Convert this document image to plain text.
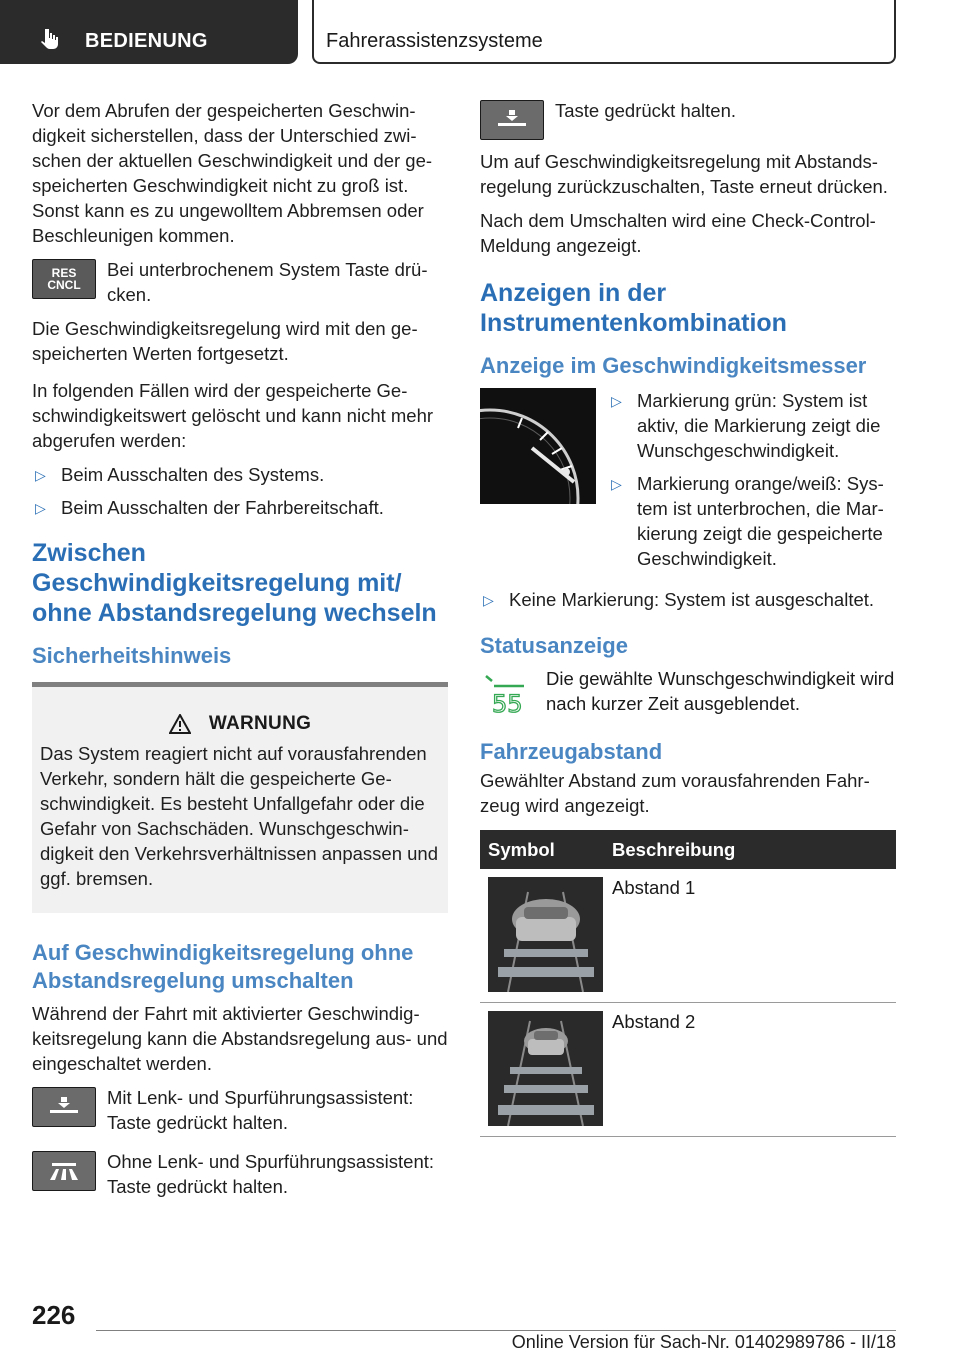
BEDIENUNG	Fahrerassistenzsysteme

Vor dem Abrufen der gespeicherten Geschwindigkeit sicherstellen, dass der Unterschied zwischen der aktuellen Geschwindigkeit und der gespeicherten Geschwindigkeit nicht zu groß ist. Sonst kann es zu ungewolltem Abbremsen oder Beschleunigen kommen.

RES
CNCL
Bei unterbrochenem System Taste drücken.

Die Geschwindigkeitsregelung wird mit den gespeicherten Werten fortgesetzt.

In folgenden Fällen wird der gespeicherte Geschwindigkeitswert gelöscht und kann nicht mehr abgerufen werden:

▷ Beim Ausschalten des Systems.
▷ Beim Ausschalten der Fahrbereitschaft.
Zwischen Geschwindigkeitsregelung mit/ ohne Abstandsregelung wechseln
Sicherheitshinweis
WARNUNG

Das System reagiert nicht auf vorausfahrenden Verkehr, sondern hält die gespeicherte Geschwindigkeit. Es besteht Unfallgefahr oder die Gefahr von Sachschäden. Wunschgeschwindigkeit den Verkehrsverhältnissen anpassen und ggf. bremsen.

Auf Geschwindigkeitsregelung ohne Abstandsregelung umschalten

Während der Fahrt mit aktivierter Geschwindigkeitsregelung kann die Abstandsregelung aus- und eingeschaltet werden.

Mit Lenk- und Spurführungsassistent: Taste gedrückt halten.
Ohne Lenk- und Spurführungsassistent: Taste gedrückt halten.
Taste gedrückt halten.

Um auf Geschwindigkeitsregelung mit Abstandsregelung zurückzuschalten, Taste erneut drücken.

Nach dem Umschalten wird eine Check-Control-Meldung angezeigt.

Anzeigen in der Instrumentenkombination
Anzeige im Geschwindigkeitsmesser
▷ Markierung grün: System ist aktiv, die Markierung zeigt die Wunschgeschwindigkeit.
▷ Markierung orange/weiß: System ist unterbrochen, die Markierung zeigt die gespeicherte Geschwindigkeit.
▷ Keine Markierung: System ist ausgeschaltet.
Statusanzeige
55
Die gewählte Wunschgeschwindigkeit wird nach kurzer Zeit ausgeblendet.
Fahrzeugabstand

Gewählter Abstand zum vorausfahrenden Fahrzeug wird angezeigt.

Symbol	Beschreibung

	Abstand 1

	Abstand 2
226
Online Version für Sach-Nr. 01402989786 - II/18
